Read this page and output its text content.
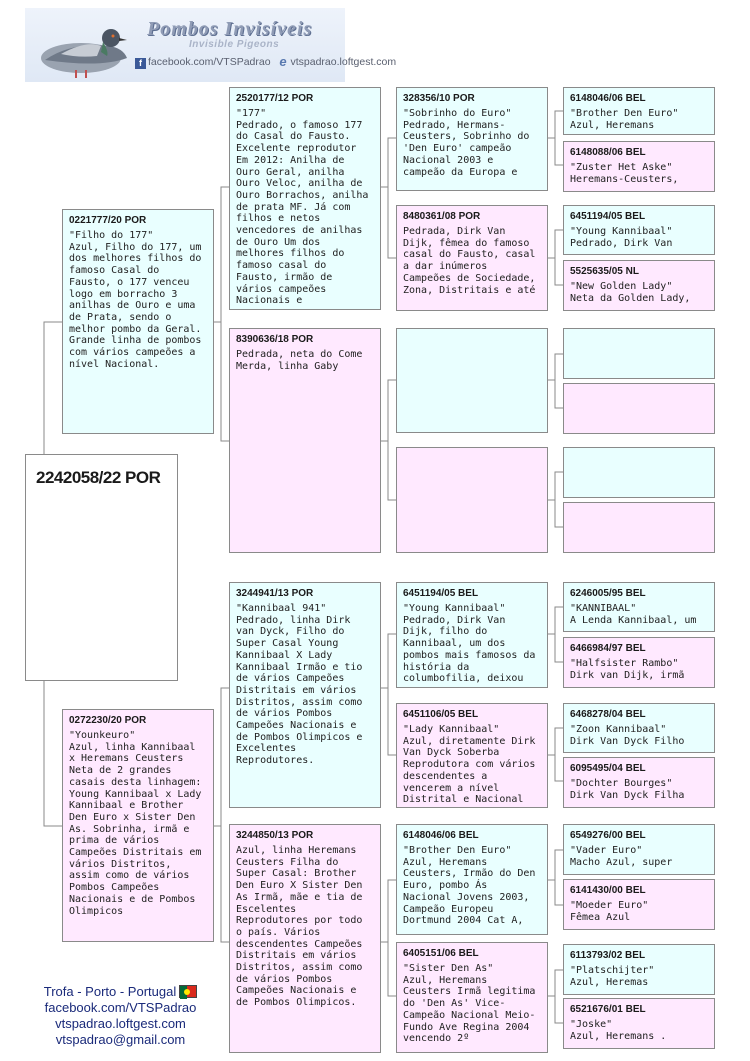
Pombos Invisíveis
Invisible Pigeons
f facebook.com/VTSPadrao e vtspadrao.loftgest.com
2242058/22 POR
0221777/20 POR
"Filho do 177"
Azul, Filho do 177, um dos melhores filhos do famoso Casal do Fausto, o 177 venceu logo em borracho 3 anilhas de Ouro e uma de Prata, sendo o melhor pombo da Geral. Grande linha de pombos com vários campeões a nível Nacional.
0272230/20 POR
"Younkeuro"
Azul, linha Kannibaal x Heremans Ceusters Neta de 2 grandes casais desta linhagem: Young Kannibaal x Lady Kannibaal e Brother Den Euro x Sister Den As. Sobrinha, irmã e prima de vários Campeões Distritais em vários Distritos, assim como de vários Pombos Campeões Nacionais e de Pombos Olimpicos
2520177/12 POR
"177"
Pedrado, o famoso 177 do Casal do Fausto. Excelente reprodutor Em 2012: Anilha de Ouro Geral, anilha Ouro Veloc, anilha de Ouro Borrachos, anilha de prata MF. Já com filhos e netos vencedores de anilhas de Ouro Um dos melhores filhos do famoso casal do Fausto, irmão de vários campeões Nacionais e
8390636/18 POR
Pedrada, neta do Come Merda, linha Gaby
3244941/13 POR
"Kannibaal 941"
Pedrado, linha Dirk van Dyck, Filho do Super Casal Young Kannibaal X Lady Kannibaal Irmão e tio de vários Campeões Distritais em vários Distritos, assim como de vários Pombos Campeões Nacionais e de Pombos Olimpicos e Excelentes Reprodutores.
3244850/13 POR
Azul, linha Heremans Ceusters Filha do Super Casal: Brother Den Euro X Sister Den As Irmã, mãe e tia de Escelentes Reprodutores por todo o país. Vários descendentes Campeões Distritais em vários Distritos, assim como de vários Pombos Campeões Nacionais e de Pombos Olimpicos.
328356/10 POR
"Sobrinho do Euro"
Pedrado, Hermans-Ceusters, Sobrinho do 'Den Euro' campeão Nacional 2003 e campeão da Europa e
8480361/08 POR
Pedrada, Dirk Van Dijk, fêmea do famoso casal do Fausto, casal a dar inúmeros Campeões de Sociedade, Zona, Distritais e até
6451194/05 BEL
"Young Kannibaal"
Pedrado, Dirk Van Dijk, filho do Kannibaal, um dos pombos mais famosos da história da columbofilia, deixou
6451106/05 BEL
"Lady Kannibaal"
Azul, diretamente Dirk Van Dyck Soberba Reprodutora com vários descendentes a vencerem a nível Distrital e Nacional
6148046/06 BEL
"Brother Den Euro"
Azul, Heremans Ceusters, Irmão do Den Euro, pombo Ás Nacional Jovens 2003, Campeão Europeu Dortmund 2004 Cat A,
6405151/06 BEL
"Sister Den As"
Azul, Heremans Ceusters Irmã legitima do 'Den As' Vice-Campeão Nacional Meio-Fundo Ave Regina 2004 vencendo 2º
6148046/06 BEL
"Brother Den Euro"
Azul, Heremans
6148088/06 BEL
"Zuster Het Aske"
Heremans-Ceusters,
6451194/05 BEL
"Young Kannibaal"
Pedrado, Dirk Van
5525635/05 NL
"New Golden Lady"
Neta da Golden Lady,
6246005/95 BEL
"KANNIBAAL"
A Lenda Kannibaal, um
6466984/97 BEL
"Halfsister Rambo"
Dirk van Dijk, irmã
6468278/04 BEL
"Zoon Kannibaal"
Dirk Van Dyck Filho
6095495/04 BEL
"Dochter Bourges"
Dirk Van Dyck Filha
6549276/00 BEL
"Vader Euro"
Macho Azul, super
6141430/00 BEL
"Moeder Euro"
Fêmea Azul
6113793/02 BEL
"Platschijter"
Azul, Heremas
6521676/01 BEL
"Joske"
Azul, Heremans .
Trofa - Porto - Portugal
facebook.com/VTSPadrao
vtspadrao.loftgest.com
vtspadrao@gmail.com
